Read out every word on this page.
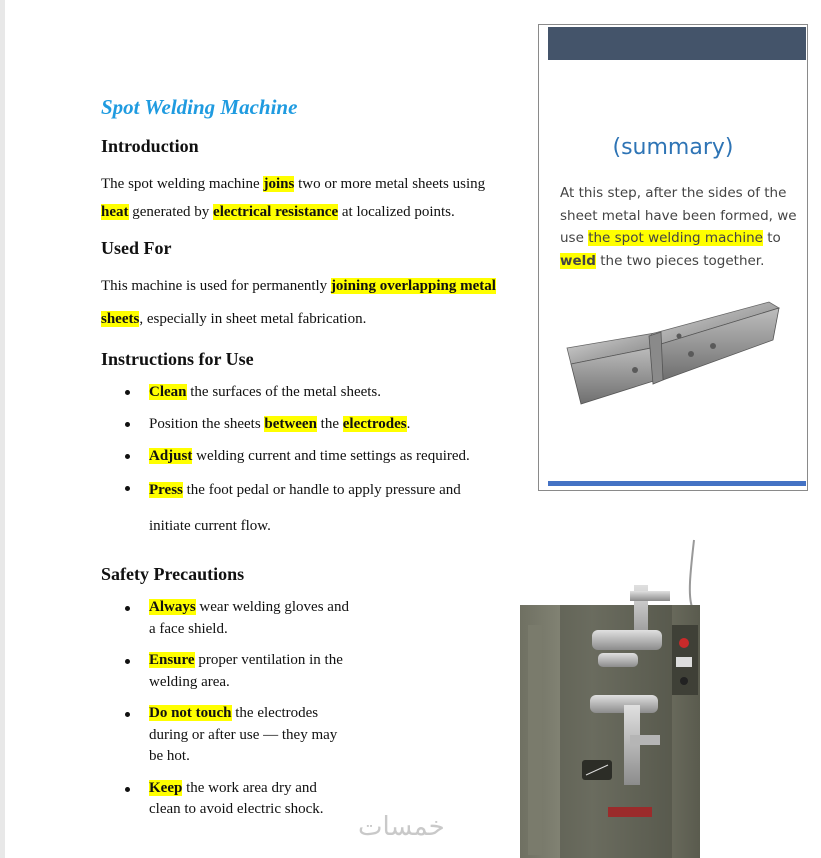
Spot Welding Machine
Introduction

The spot welding machine joins two or more metal sheets using
heat generated by electrical resistance at localized points.

Used For

This machine is used for permanently joining overlapping metal
sheets, especially in sheet metal fabrication.

Instructions for Use
Clean the surfaces of the metal sheets.
Position the sheets between the electrodes.
Adjust welding current and time settings as required.
Press the foot pedal or handle to apply pressure and
initiate current flow.
Safety Precautions
Always wear welding gloves and
a face shield.
Ensure proper ventilation in the
welding area.
Do not touch the electrodes
during or after use — they may
be hot.
Keep the work area dry and
clean to avoid electric shock.
(summary)
At this step, after the sides of the sheet metal have been formed, we use the spot welding machine to weld the two pieces together.
خمسات
